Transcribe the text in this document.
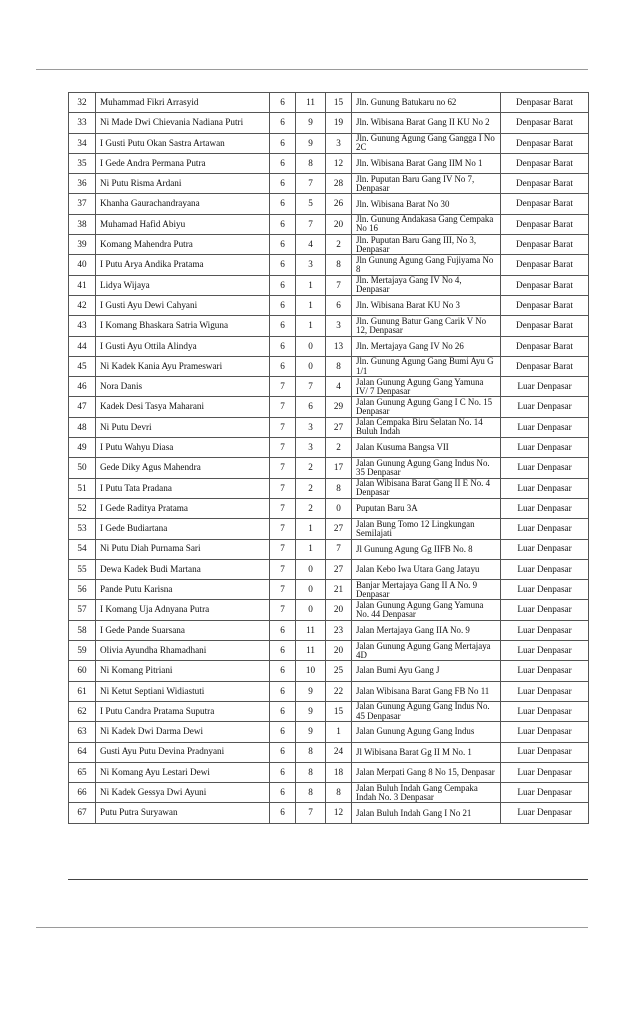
32	Muhammad Fikri Arrasyid	6	11	15	Jln. Gunung Batukaru no 62	Denpasar Barat
33	Ni Made Dwi Chievania Nadiana Putri	6	9	19	Jln. Wibisana Barat Gang II KU No 2	Denpasar Barat
34	I Gusti Putu Okan Sastra Artawan	6	9	3	Jln. Gunung Agung Gang Gangga I No 2C	Denpasar Barat
35	I Gede Andra Permana Putra	6	8	12	Jln. Wibisana Barat Gang IIM No 1	Denpasar Barat
36	Ni Putu Risma Ardani	6	7	28	Jln. Puputan Baru Gang IV No 7, Denpasar	Denpasar Barat
37	Khanha Gaurachandrayana	6	5	26	Jln. Wibisana Barat No 30	Denpasar Barat
38	Muhamad Hafid Abiyu	6	7	20	Jln. Gunung Andakasa Gang Cempaka No 16	Denpasar Barat
39	Komang Mahendra Putra	6	4	2	Jln. Puputan Baru Gang III, No 3, Denpasar	Denpasar Barat
40	I Putu Arya Andika Pratama	6	3	8	Jln Gunung Agung Gang Fujiyama No 8	Denpasar Barat
41	Lidya Wijaya	6	1	7	Jln. Mertajaya Gang IV No 4, Denpasar	Denpasar Barat
42	I Gusti Ayu Dewi Cahyani	6	1	6	Jln. Wibisana Barat KU No 3	Denpasar Barat
43	I Komang Bhaskara Satria Wiguna	6	1	3	Jln. Gunung Batur Gang Carik V No 12, Denpasar	Denpasar Barat
44	I Gusti Ayu Ottila Alindya	6	0	13	Jln. Mertajaya Gang IV No 26	Denpasar Barat
45	Ni Kadek Kania Ayu Prameswari	6	0	8	Jln. Gunung Agung Gang Bumi Ayu G 1/1	Denpasar Barat
46	Nora Danis	7	7	4	Jalan Gunung Agung Gang Yamuna IV/ 7 Denpasar	Luar Denpasar
47	Kadek Desi Tasya Maharani	7	6	29	Jalan Gunung Agung Gang I C No. 15 Denpasar	Luar Denpasar
48	Ni Putu Devri	7	3	27	Jalan Cempaka Biru Selatan No. 14 Buluh Indah	Luar Denpasar
49	I Putu Wahyu Diasa	7	3	2	Jalan Kusuma Bangsa VII	Luar Denpasar
50	Gede Diky Agus Mahendra	7	2	17	Jalan Gunung Agung Gang Indus No. 35 Denpasar	Luar Denpasar
51	I Putu Tata Pradana	7	2	8	Jalan Wibisana Barat Gang II E No. 4 Denpasar	Luar Denpasar
52	I Gede Raditya Pratama	7	2	0	Puputan Baru 3A	Luar Denpasar
53	I Gede Budiartana	7	1	27	Jalan Bung Tomo 12 Lingkungan Semilajati	Luar Denpasar
54	Ni Putu Diah Purnama Sari	7	1	7	Jl Gunung Agung Gg IIFB No. 8	Luar Denpasar
55	Dewa Kadek Budi Martana	7	0	27	Jalan Kebo Iwa Utara Gang Jatayu	Luar Denpasar
56	Pande Putu Karisna	7	0	21	Banjar Mertajaya Gang II A No. 9 Denpasar	Luar Denpasar
57	I Komang Uja Adnyana Putra	7	0	20	Jalan Gunung Agung Gang Yamuna No. 44 Denpasar	Luar Denpasar
58	I Gede Pande Suarsana	6	11	23	Jalan Mertajaya Gang IIA No. 9	Luar Denpasar
59	Olivia Ayundha Rhamadhani	6	11	20	Jalan Gunung Agung Gang Mertajaya 4D	Luar Denpasar
60	Ni Komang Pitriani	6	10	25	Jalan Bumi Ayu Gang J	Luar Denpasar
61	Ni Ketut Septiani Widiastuti	6	9	22	Jalan Wibisana Barat Gang FB No 11	Luar Denpasar
62	I Putu Candra Pratama Suputra	6	9	15	Jalan Gunung Agung Gang Indus No. 45 Denpasar	Luar Denpasar
63	Ni Kadek Dwi Darma Dewi	6	9	1	Jalan Gunung Agung Gang Indus	Luar Denpasar
64	Gusti Ayu Putu Devina Pradnyani	6	8	24	Jl Wibisana Barat Gg II M No. 1	Luar Denpasar
65	Ni Komang Ayu Lestari Dewi	6	8	18	Jalan Merpati Gang 8 No 15, Denpasar	Luar Denpasar
66	Ni Kadek Gessya Dwi Ayuni	6	8	8	Jalan Buluh Indah Gang Cempaka Indah No. 3 Denpasar	Luar Denpasar
67	Putu Putra Suryawan	6	7	12	Jalan Buluh Indah Gang I No 21	Luar Denpasar
